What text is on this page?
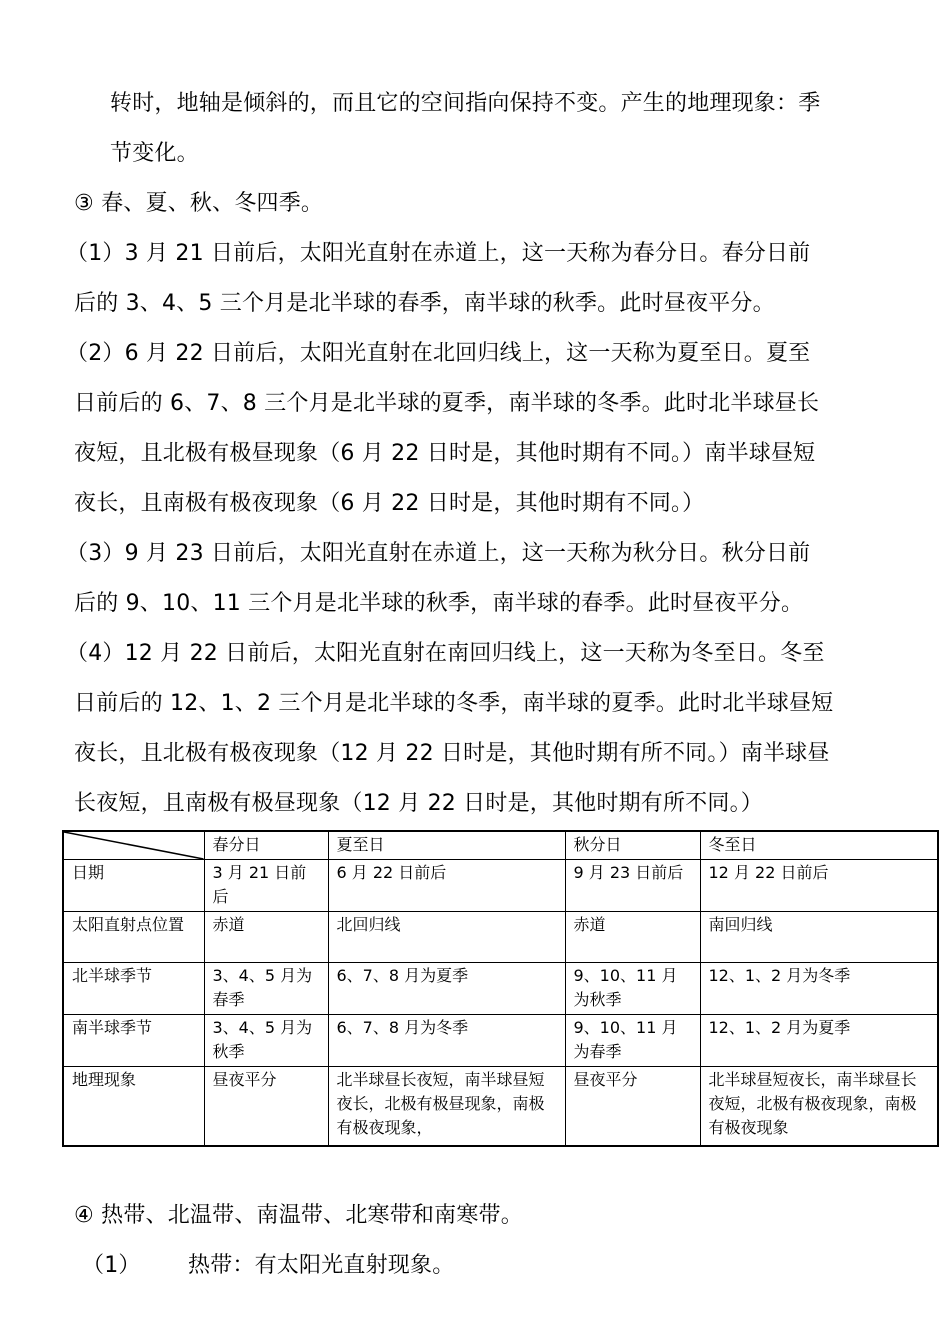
转时，地轴是倾斜的，而且它的空间指向保持不变。产生的地理现象：季
节变化。
③ 春、夏、秋、冬四季。
（1）3 月 21 日前后，太阳光直射在赤道上，这一天称为春分日。春分日前
后的 3、4、5 三个月是北半球的春季，南半球的秋季。此时昼夜平分。
（2）6 月 22 日前后，太阳光直射在北回归线上，这一天称为夏至日。夏至
日前后的 6、7、8 三个月是北半球的夏季，南半球的冬季。此时北半球昼长
夜短，且北极有极昼现象（6 月 22 日时是，其他时期有不同。）南半球昼短
夜长，且南极有极夜现象（6 月 22 日时是，其他时期有不同。）
（3）9 月 23 日前后，太阳光直射在赤道上，这一天称为秋分日。秋分日前
后的 9、10、11 三个月是北半球的秋季，南半球的春季。此时昼夜平分。
（4）12 月 22 日前后，太阳光直射在南回归线上，这一天称为冬至日。冬至
日前后的 12、1、2 三个月是北半球的冬季，南半球的夏季。此时北半球昼短
夜长，且北极有极夜现象（12 月 22 日时是，其他时期有所不同。）南半球昼
长夜短，且南极有极昼现象（12 月 22 日时是，其他时期有所不同。）
	春分日	夏至日	秋分日	冬至日
日期	3 月 21 日前后	6 月 22 日前后	9 月 23 日前后	12 月 22 日前后
太阳直射点位置	赤道	北回归线	赤道	南回归线
北半球季节	3、4、5 月为春季	6、7、8 月为夏季	9、10、11 月为秋季	12、1、2 月为冬季
南半球季节	3、4、5 月为秋季	6、7、8 月为冬季	9、10、11 月为春季	12、1、2 月为夏季
地理现象	昼夜平分	北半球昼长夜短，南半球昼短夜长，北极有极昼现象，南极有极夜现象，	昼夜平分	北半球昼短夜长，南半球昼长夜短，北极有极夜现象，南极有极夜现象
④ 热带、北温带、南温带、北寒带和南寒带。
（1） 热带：有太阳光直射现象。
